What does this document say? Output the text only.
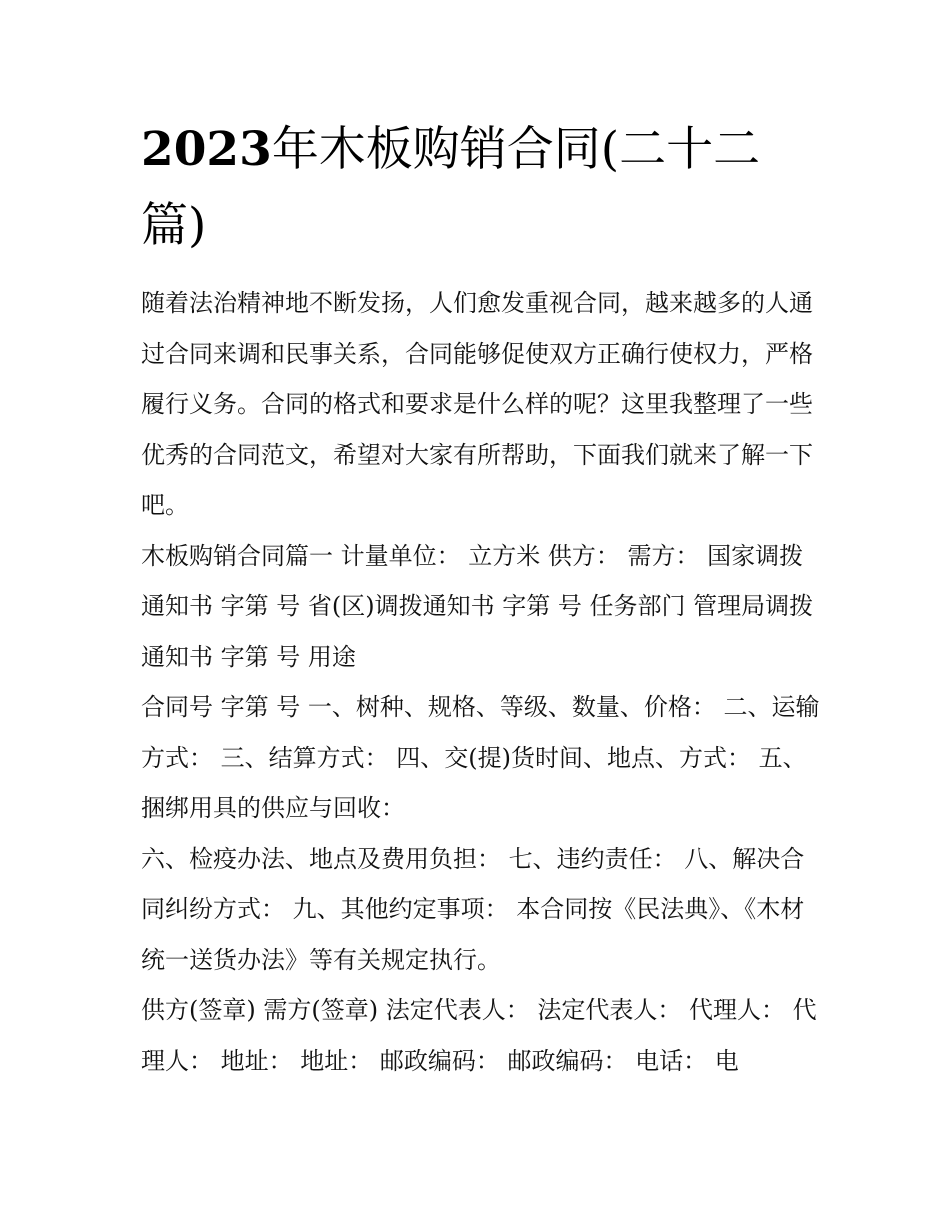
2023年木板购销合同(二十二篇)

随着法治精神地不断发扬，人们愈发重视合同，越来越多的人通过合同来调和民事关系，合同能够促使双方正确行使权力，严格履行义务。合同的格式和要求是什么样的呢？这里我整理了一些优秀的合同范文，希望对大家有所帮助，下面我们就来了解一下吧。

木板购销合同篇一 计量单位： 立方米 供方： 需方： 国家调拨通知书 字第 号 省(区)调拨通知书 字第 号 任务部门 管理局调拨通知书 字第 号 用途

合同号 字第 号 一、树种、规格、等级、数量、价格： 二、运输方式： 三、结算方式： 四、交(提)货时间、地点、方式： 五、捆绑用具的供应与回收：

六、检疫办法、地点及费用负担： 七、违约责任： 八、解决合同纠纷方式： 九、其他约定事项： 本合同按《民法典》、《木材统一送货办法》等有关规定执行。

供方(签章) 需方(签章) 法定代表人： 法定代表人： 代理人： 代理人： 地址： 地址： 邮政编码： 邮政编码： 电话： 电
